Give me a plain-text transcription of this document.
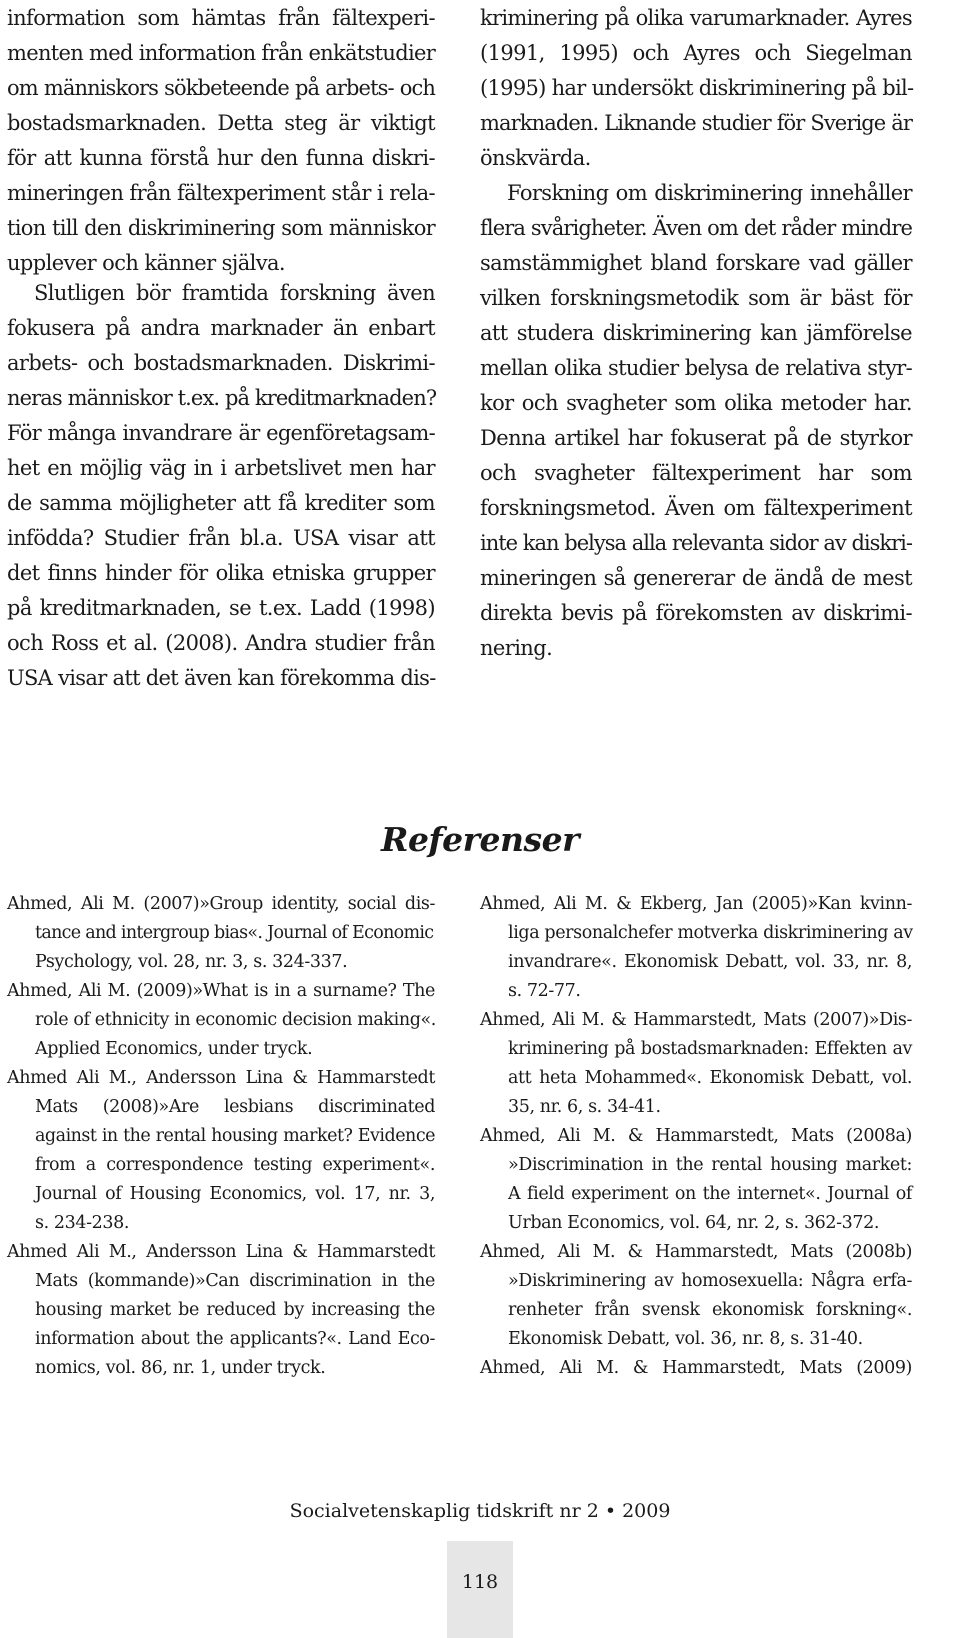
information som hämtas från fältexperi-
menten med information från enkätstudier
om människors sökbeteende på arbets- och
bostadsmarknaden. Detta steg är viktigt
för att kunna förstå hur den funna diskri-
mineringen från fältexperiment står i rela-
tion till den diskriminering som människor
upplever och känner själva.
Slutligen bör framtida forskning även
fokusera på andra marknader än enbart
arbets- och bostadsmarknaden. Diskrimi-
neras människor t.ex. på kreditmarknaden?
För många invandrare är egenföretagsam-
het en möjlig väg in i arbetslivet men har
de samma möjligheter att få krediter som
infödda? Studier från bl.a. USA visar att
det finns hinder för olika etniska grupper
på kreditmarknaden, se t.ex. Ladd (1998)
och Ross et al. (2008). Andra studier från
USA visar att det även kan förekomma dis-
kriminering på olika varumarknader. Ayres
(1991, 1995) och Ayres och Siegelman
(1995) har undersökt diskriminering på bil-
marknaden. Liknande studier för Sverige är
önskvärda.
Forskning om diskriminering innehåller
flera svårigheter. Även om det råder mindre
samstämmighet bland forskare vad gäller
vilken forskningsmetodik som är bäst för
att studera diskriminering kan jämförelse
mellan olika studier belysa de relativa styr-
kor och svagheter som olika metoder har.
Denna artikel har fokuserat på de styrkor
och svagheter fältexperiment har som
forskningsmetod. Även om fältexperiment
inte kan belysa alla relevanta sidor av diskri-
mineringen så genererar de ändå de mest
direkta bevis på förekomsten av diskrimi-
nering.
Referenser
Ahmed, Ali M. (2007)»Group identity, social dis-
tance and intergroup bias«. Journal of Economic
Psychology, vol. 28, nr. 3, s. 324-337.
Ahmed, Ali M. (2009)»What is in a surname? The
role of ethnicity in economic decision making«.
Applied Economics, under tryck.
Ahmed Ali M., Andersson Lina & Hammarstedt
Mats (2008)»Are lesbians discriminated
against in the rental housing market? Evidence
from a correspondence testing experiment«.
Journal of Housing Economics, vol. 17, nr. 3,
s. 234-238.
Ahmed Ali M., Andersson Lina & Hammarstedt
Mats (kommande)»Can discrimination in the
housing market be reduced by increasing the
information about the applicants?«. Land Eco-
nomics, vol. 86, nr. 1, under tryck.
Ahmed, Ali M. & Ekberg, Jan (2005)»Kan kvinn-
liga personalchefer motverka diskriminering av
invandrare«. Ekonomisk Debatt, vol. 33, nr. 8,
s. 72-77.
Ahmed, Ali M. & Hammarstedt, Mats (2007)»Dis-
kriminering på bostadsmarknaden: Effekten av
att heta Mohammed«. Ekonomisk Debatt, vol.
35, nr. 6, s. 34-41.
Ahmed, Ali M. & Hammarstedt, Mats (2008a)
»Discrimination in the rental housing market:
A field experiment on the internet«. Journal of
Urban Economics, vol. 64, nr. 2, s. 362-372.
Ahmed, Ali M. & Hammarstedt, Mats (2008b)
»Diskriminering av homosexuella: Några erfa-
renheter från svensk ekonomisk forskning«.
Ekonomisk Debatt, vol. 36, nr. 8, s. 31-40.
Ahmed, Ali M. & Hammarstedt, Mats (2009)
Socialvetenskaplig tidskrift nr 2 • 2009
118
